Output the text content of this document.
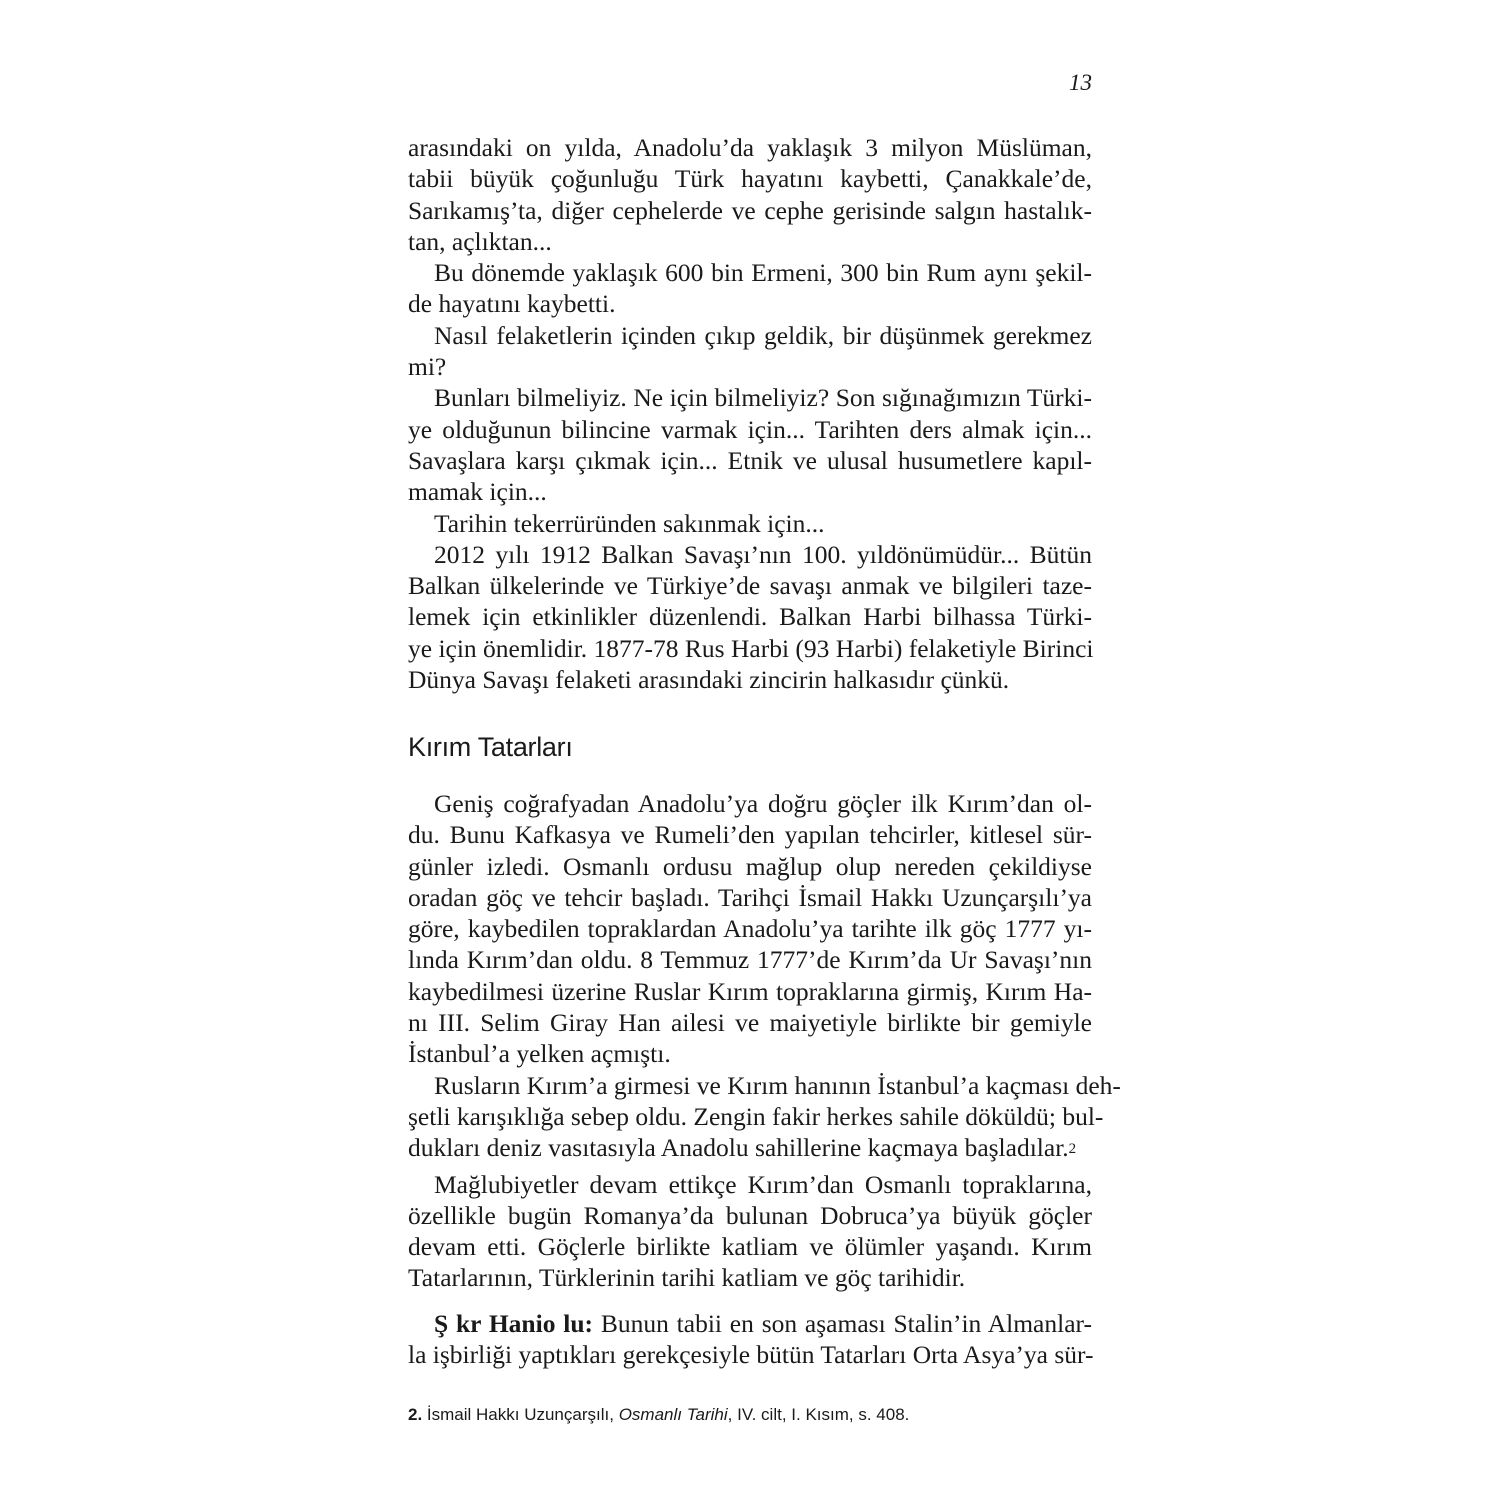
13
arasındaki on yılda, Anadolu’da yaklaşık 3 milyon Müslüman,
tabii büyük çoğunluğu Türk hayatını kaybetti, Çanakkale’de,
Sarıkamış’ta, diğer cephelerde ve cephe gerisinde salgın hastalık-
tan, açlıktan...
Bu dönemde yaklaşık 600 bin Ermeni, 300 bin Rum aynı şekil-
de hayatını kaybetti.
Nasıl felaketlerin içinden çıkıp geldik, bir düşünmek gerekmez
mi?
Bunları bilmeliyiz. Ne için bilmeliyiz? Son sığınağımızın Türki-
ye olduğunun bilincine varmak için... Tarihten ders almak için...
Savaşlara karşı çıkmak için... Etnik ve ulusal husumetlere kapıl-
mamak için...
Tarihin tekerrüründen sakınmak için...
2012 yılı 1912 Balkan Savaşı’nın 100. yıldönümüdür... Bütün
Balkan ülkelerinde ve Türkiye’de savaşı anmak ve bilgileri taze-
lemek için etkinlikler düzenlendi. Balkan Harbi bilhassa Türki-
ye için önemlidir. 1877-78 Rus Harbi (93 Harbi) felaketiyle Birinci
Dünya Savaşı felaketi arasındaki zincirin halkasıdır çünkü.
Kırım Tatarları
Geniş coğrafyadan Anadolu’ya doğru göçler ilk Kırım’dan ol-
du. Bunu Kafkasya ve Rumeli’den yapılan tehcirler, kitlesel sür-
günler izledi. Osmanlı ordusu mağlup olup nereden çekildiyse
oradan göç ve tehcir başladı. Tarihçi İsmail Hakkı Uzunçarşılı’ya
göre, kaybedilen topraklardan Anadolu’ya tarihte ilk göç 1777 yı-
lında Kırım’dan oldu. 8 Temmuz 1777’de Kırım’da Ur Savaşı’nın
kaybedilmesi üzerine Ruslar Kırım topraklarına girmiş, Kırım Ha-
nı III. Selim Giray Han ailesi ve maiyetiyle birlikte bir gemiyle
İstanbul’a yelken açmıştı.
Rusların Kırım’a girmesi ve Kırım hanının İstanbul’a kaçması deh-
şetli karışıklığa sebep oldu. Zengin fakir herkes sahile döküldü; bul-
dukları deniz vasıtasıyla Anadolu sahillerine kaçmaya başladılar.$^2$
Mağlubiyetler devam ettikçe Kırım’dan Osmanlı topraklarına,
özellikle bugün Romanya’da bulunan Dobruca’ya büyük göçler
devam etti. Göçlerle birlikte katliam ve ölümler yaşandı. Kırım
Tatarlarının, Türklerinin tarihi katliam ve göç tarihidir.
Ş kr Hanio lu: Bunun tabii en son aşaması Stalin’in Almanlar-
la işbirliği yaptıkları gerekçesiyle bütün Tatarları Orta Asya’ya sür-
2. İsmail Hakkı Uzunçarşılı, Osmanlı Tarihi, IV. cilt, I. Kısım, s. 408.
